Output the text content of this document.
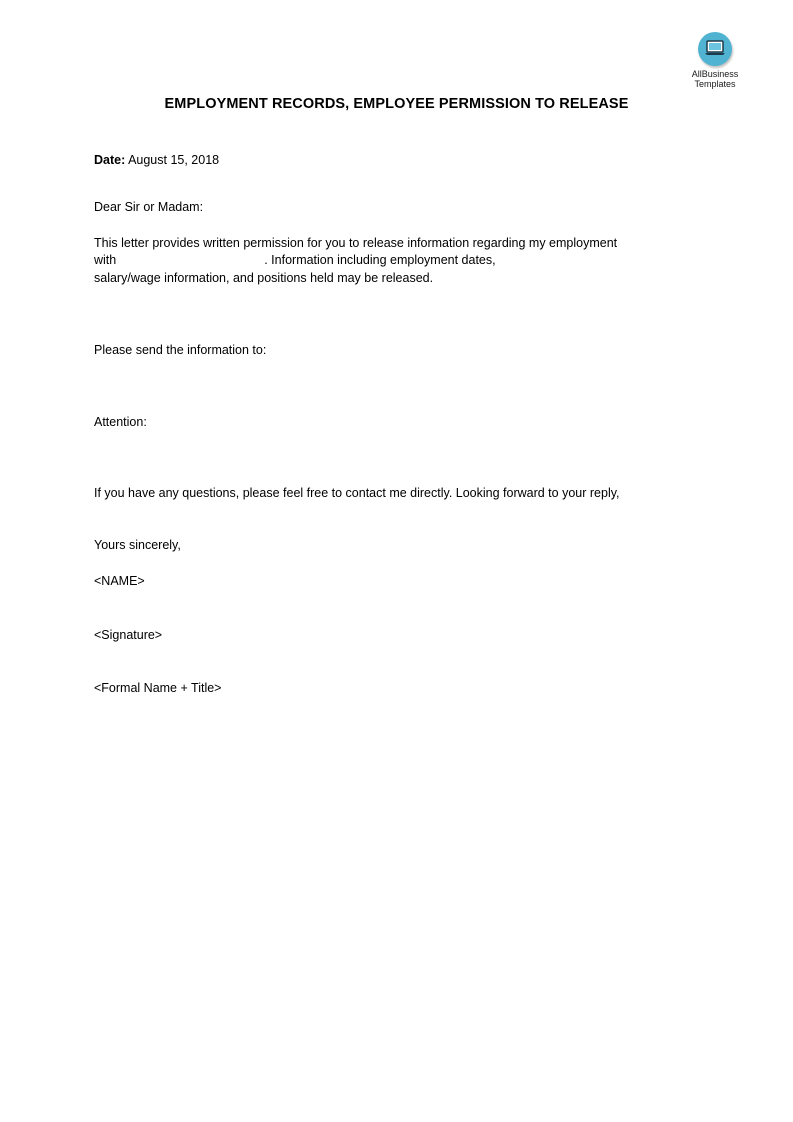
AllBusiness
Templates
EMPLOYMENT RECORDS, EMPLOYEE PERMISSION TO RELEASE
Date: August 15, 2018
Dear Sir or Madam:
This letter provides written permission for you to release information regarding my employment
with	. Information including employment dates,
salary/wage information, and positions held may be released.
Please send the information to:
Attention:
If you have any questions, please feel free to contact me directly. Looking forward to your reply,
Yours sincerely,
<NAME>
<Signature>
<Formal Name + Title>
